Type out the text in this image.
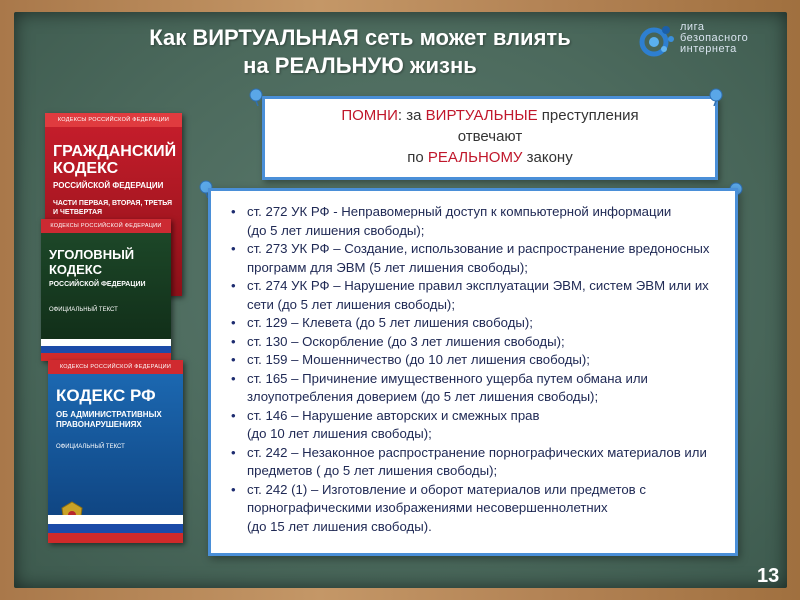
Как ВИРТУАЛЬНАЯ сеть может влиять
на РЕАЛЬНУЮ жизнь
лига
безопасного
интернета
КОДЕКСЫ РОССИЙСКОЙ ФЕДЕРАЦИИ
ГРАЖДАНСКИЙ КОДЕКС
РОССИЙСКОЙ ФЕДЕРАЦИИ
ЧАСТИ ПЕРВАЯ, ВТОРАЯ, ТРЕТЬЯ И ЧЕТВЕРТАЯ
КОДЕКСЫ РОССИЙСКОЙ ФЕДЕРАЦИИ
УГОЛОВНЫЙ КОДЕКС
РОССИЙСКОЙ ФЕДЕРАЦИИ
ОФИЦИАЛЬНЫЙ ТЕКСТ
КОДЕКСЫ РОССИЙСКОЙ ФЕДЕРАЦИИ
КОДЕКС РФ
ОБ АДМИНИСТРАТИВНЫХ ПРАВОНАРУШЕНИЯХ
ОФИЦИАЛЬНЫЙ ТЕКСТ
ПОМНИ: за ВИРТУАЛЬНЫЕ преступления
отвечают
по РЕАЛЬНОМУ закону
• ст. 272 УК РФ - Неправомерный доступ к компьютерной информации
(до 5 лет лишения свободы);
• ст. 273 УК РФ – Создание, использование и распространение вредоносных программ для ЭВМ (5 лет лишения свободы);
• ст. 274 УК РФ – Нарушение правил эксплуатации ЭВМ, систем ЭВМ или их сети (до 5 лет лишения свободы);
• ст. 129 – Клевета (до 5 лет лишения свободы);
• ст. 130 – Оскорбление (до 3 лет лишения свободы);
• ст. 159 – Мошенничество (до 10 лет лишения свободы);
• ст. 165 – Причинение имущественного ущерба путем обмана или злоупотребления доверием (до 5 лет лишения свободы);
• ст. 146 – Нарушение авторских и смежных прав
(до 10 лет лишения свободы);
• ст. 242 – Незаконное распространение порнографических материалов или предметов ( до 5 лет лишения свободы);
• ст. 242 (1) – Изготовление и оборот материалов или предметов с порнографическими изображениями несовершеннолетних
(до 15 лет лишения свободы).
13
